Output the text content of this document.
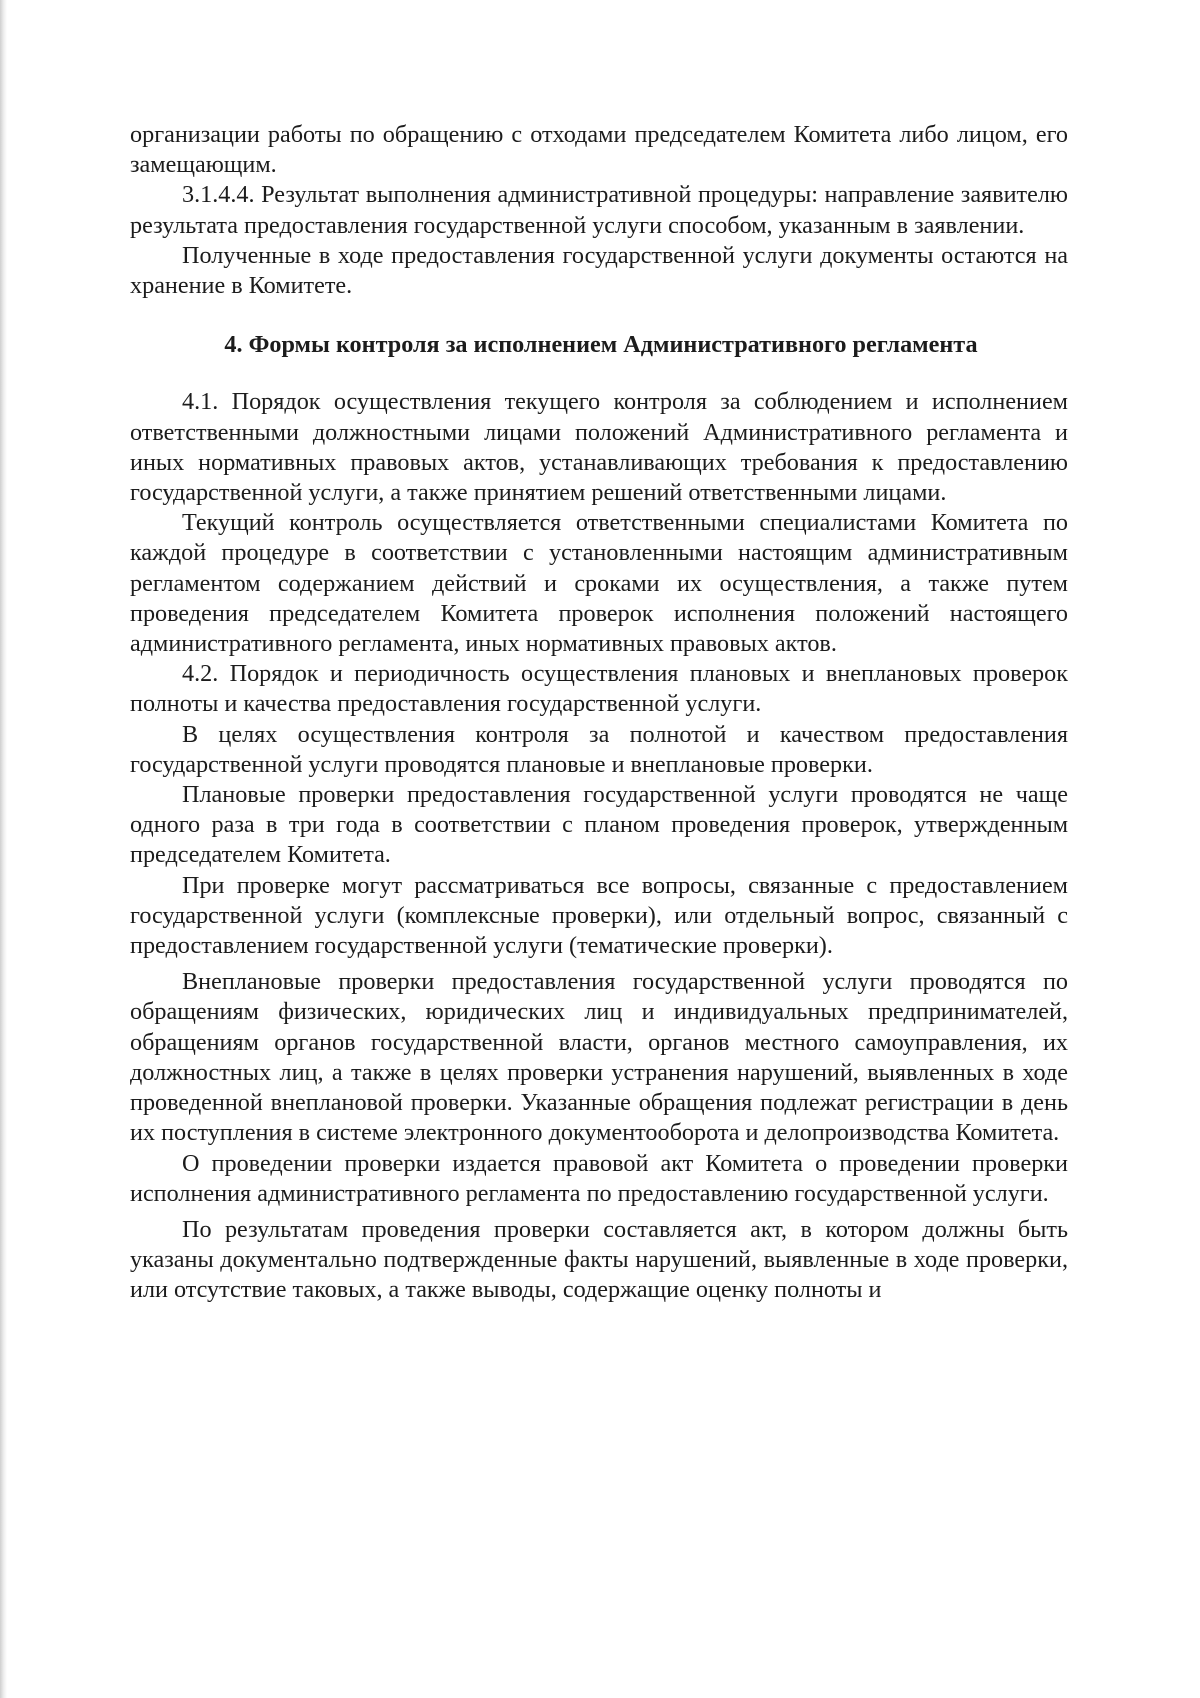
организации работы по обращению с отходами председателем Комитета либо лицом, его замещающим.

3.1.4.4. Результат выполнения административной процедуры: направление заявителю результата предоставления государственной услуги способом, указанным в заявлении.

Полученные в ходе предоставления государственной услуги документы остаются на хранение в Комитете.

4. Формы контроля за исполнением Административного регламента

4.1. Порядок осуществления текущего контроля за соблюдением и исполнением ответственными должностными лицами положений Административного регламента и иных нормативных правовых актов, устанавливающих требования к предоставлению государственной услуги, а также принятием решений ответственными лицами.

Текущий контроль осуществляется ответственными специалистами Комитета по каждой процедуре в соответствии с установленными настоящим административным регламентом содержанием действий и сроками их осуществления, а также путем проведения председателем Комитета проверок исполнения положений настоящего административного регламента, иных нормативных правовых актов.

4.2. Порядок и периодичность осуществления плановых и внеплановых проверок полноты и качества предоставления государственной услуги.

В целях осуществления контроля за полнотой и качеством предоставления государственной услуги проводятся плановые и внеплановые проверки.

Плановые проверки предоставления государственной услуги проводятся не чаще одного раза в три года в соответствии с планом проведения проверок, утвержденным председателем Комитета.

При проверке могут рассматриваться все вопросы, связанные с предоставлением государственной услуги (комплексные проверки), или отдельный вопрос, связанный с предоставлением государственной услуги (тематические проверки).

Внеплановые проверки предоставления государственной услуги проводятся по обращениям физических, юридических лиц и индивидуальных предпринимателей, обращениям органов государственной власти, органов местного самоуправления, их должностных лиц, а также в целях проверки устранения нарушений, выявленных в ходе проведенной внеплановой проверки. Указанные обращения подлежат регистрации в день их поступления в системе электронного документооборота и делопроизводства Комитета.

О проведении проверки издается правовой акт Комитета о проведении проверки исполнения административного регламента по предоставлению государственной услуги.

По результатам проведения проверки составляется акт, в котором должны быть указаны документально подтвержденные факты нарушений, выявленные в ходе проверки, или отсутствие таковых, а также выводы, содержащие оценку полноты и
